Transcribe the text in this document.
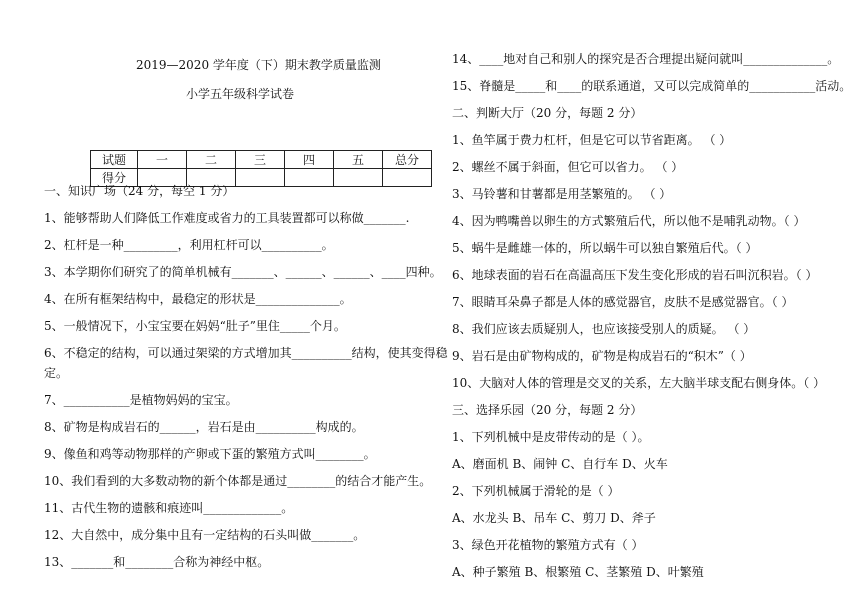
2019—2020 学年度（下）期末教学质量监测
小学五年级科学试卷
试题	一	二	三	四	五	总分
得分						
一、知识广场（24 分，每空 1 分）
1、能够帮助人们降低工作难度或省力的工具装置都可以称做_______.
2、杠杆是一种_________，利用杠杆可以__________。
3、本学期你们研究了的简单机械有_______、______、______、____四种。
4、在所有框架结构中，最稳定的形状是______________。
5、一般情况下，小宝宝要在妈妈“肚子”里住_____个月。
6、不稳定的结构，可以通过架梁的方式增加其__________结构，使其变得稳
定。
7、___________是植物妈妈的宝宝。
8、矿物是构成岩石的______，岩石是由__________构成的。
9、像鱼和鸡等动物那样的产卵或下蛋的繁殖方式叫________。
10、我们看到的大多数动物的新个体都是通过________的结合才能产生。
11、古代生物的遗骸和痕迹叫_____________。
12、大自然中，成分集中且有一定结构的石头叫做_______。
13、_______和________合称为神经中枢。
14、____地对自己和别人的探究是否合理提出疑问就叫______________。
15、脊髓是_____和____的联系通道，又可以完成简单的___________活动。
二、判断大厅（20 分，每题 2 分）
1、鱼竿属于费力杠杆，但是它可以节省距离。 （ ）
2、螺丝不属于斜面，但它可以省力。 （ ）
3、马铃薯和甘薯都是用茎繁殖的。 （ ）
4、因为鸭嘴兽以卵生的方式繁殖后代，所以他不是哺乳动物。（ ）
5、蜗牛是雌雄一体的，所以蜗牛可以独自繁殖后代。（ ）
6、地球表面的岩石在高温高压下发生变化形成的岩石叫沉积岩。（ ）
7、眼睛耳朵鼻子都是人体的感觉器官，皮肤不是感觉器官。（ ）
8、我们应该去质疑别人，也应该接受别人的质疑。 （ ）
9、岩石是由矿物构成的，矿物是构成岩石的“积木”（ ）
10、大脑对人体的管理是交叉的关系，左大脑半球支配右侧身体。（ ）
三、选择乐园（20 分，每题 2 分）
1、下列机械中是皮带传动的是（ ）。
A、磨面机 B、闹钟 C、自行车 D、火车
2、下列机械属于滑轮的是（ ）
A、水龙头 B、吊车 C、剪刀 D、斧子
3、绿色开花植物的繁殖方式有（ ）
A、种子繁殖 B、根繁殖 C、茎繁殖 D、叶繁殖
